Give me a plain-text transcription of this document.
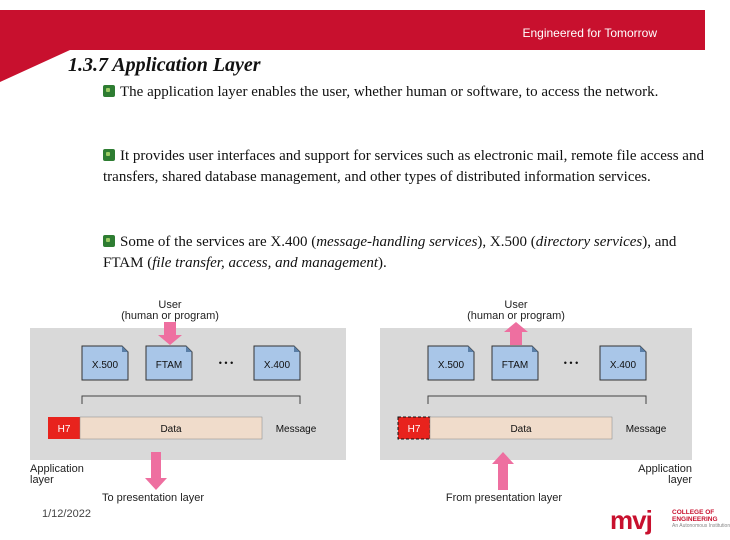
Engineered for Tomorrow
1.3.7 Application Layer
The application layer enables the user, whether human or software, to access the network.
It provides user interfaces and support for services such as electronic mail, remote file access and transfers, shared database management, and other types of distributed information services.
Some of the services are X.400 (message-handling services), X.500 (directory services), and FTAM (file transfer, access, and management).
User
(human or program)
X.500	FTAM	• • •	X.400
H7	Data	Message
Application
layer
To presentation layer
User
(human or program)
X.500	FTAM	• • •	X.400
H7	Data	Message
Application
layer
From presentation layer
1/12/2022	mvj	COLLEGE OF
ENGINEERING
An Autonomous Institution
